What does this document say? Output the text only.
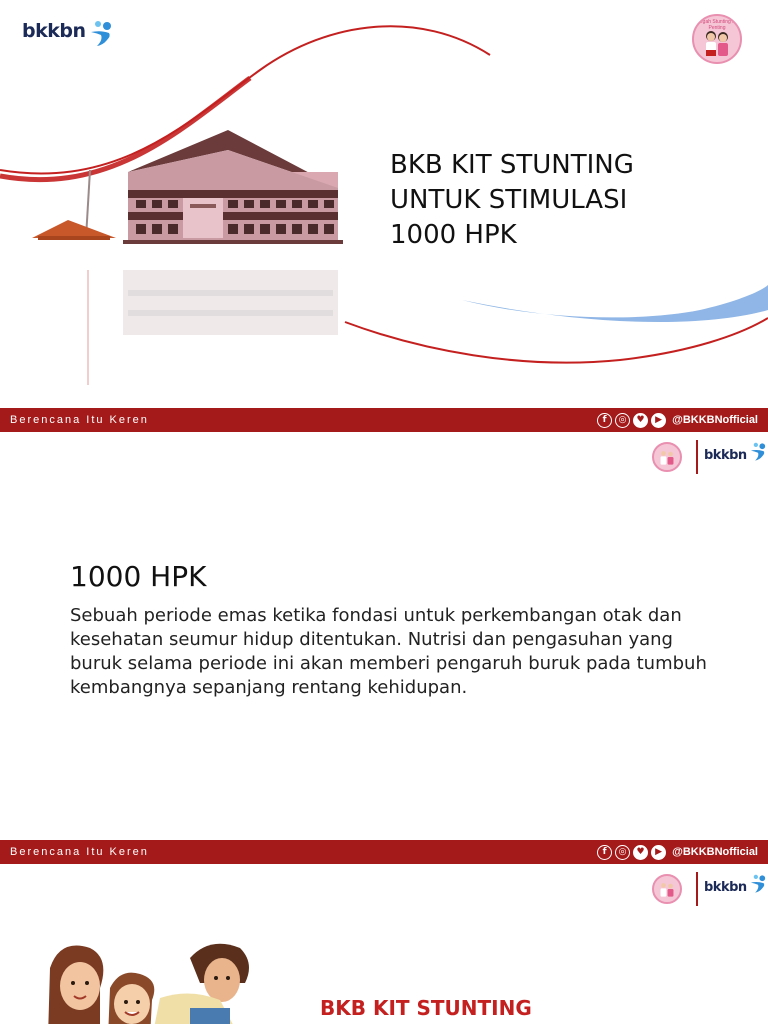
bkkbn	Cegah Stunting Itu Penting
BKB KIT STUNTING
UNTUK STIMULASI
1000 HPK
Berencana Itu Keren	f	◎	♥	▶ @BKKBNofficial
bkkbn
1000 HPK

Sebuah periode emas ketika fondasi untuk perkembangan otak dan kesehatan seumur hidup ditentukan. Nutrisi dan pengasuhan yang buruk selama periode ini akan memberi pengaruh buruk pada tumbuh kembangnya sepanjang rentang kehidupan.

Berencana Itu Keren	f	◎	♥	▶ @BKKBNofficial
bkkbn
BKB KIT STUNTING
